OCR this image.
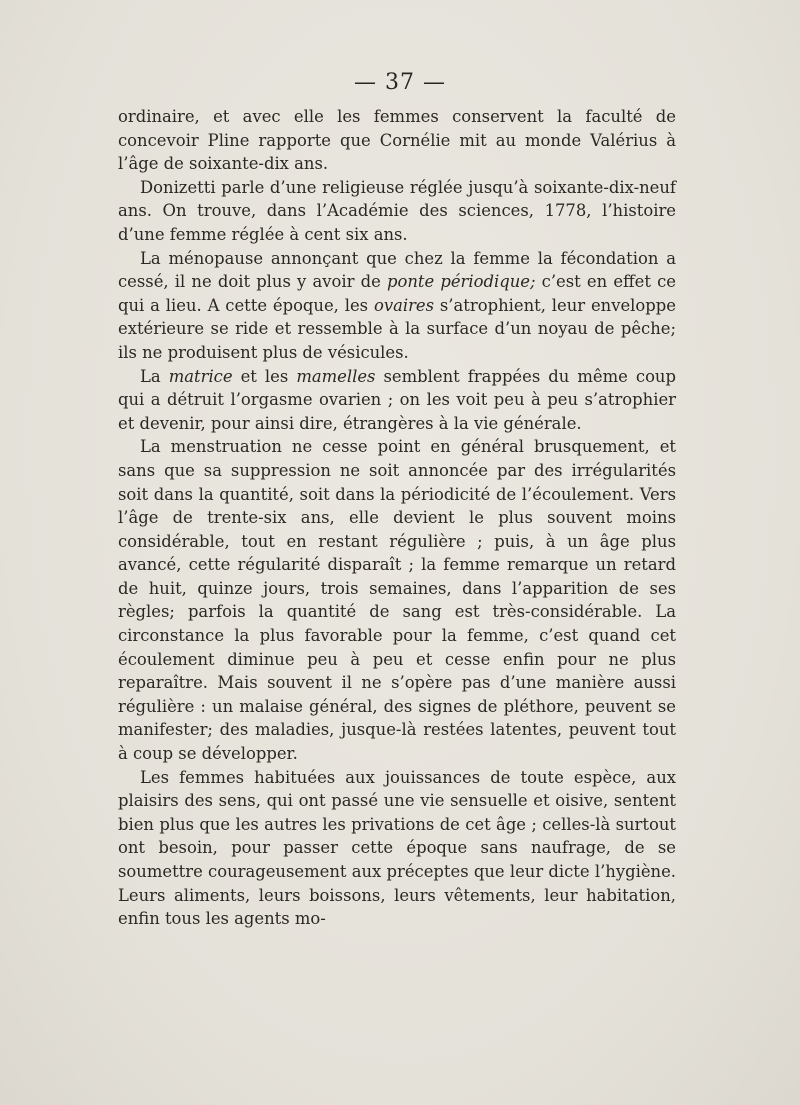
— 37 —

ordinaire, et avec elle les femmes conservent la faculté de concevoir Pline rapporte que Cornélie mit au monde Valérius à l’âge de soixante-dix ans.

Donizetti parle d’une religieuse réglée jusqu’à soixante-dix-neuf ans. On trouve, dans l’Académie des sciences, 1778, l’histoire d’une femme réglée à cent six ans.

La ménopause annonçant que chez la femme la fécondation a cessé, il ne doit plus y avoir de ponte périodique; c’est en effet ce qui a lieu. A cette époque, les ovaires s’atrophient, leur enveloppe extérieure se ride et ressemble à la surface d’un noyau de pêche; ils ne produisent plus de vésicules.

La matrice et les mamelles semblent frappées du même coup qui a détruit l’orgasme ovarien ; on les voit peu à peu s’atrophier et devenir, pour ainsi dire, étrangères à la vie générale.

La menstruation ne cesse point en général brusquement, et sans que sa suppression ne soit annoncée par des irrégularités soit dans la quantité, soit dans la périodicité de l’écoulement. Vers l’âge de trente-six ans, elle devient le plus souvent moins considérable, tout en restant régulière ; puis, à un âge plus avancé, cette régularité disparaît ; la femme remarque un retard de huit, quinze jours, trois semaines, dans l’apparition de ses règles; parfois la quantité de sang est très-considérable. La circonstance la plus favorable pour la femme, c’est quand cet écoulement diminue peu à peu et cesse enfin pour ne plus reparaître. Mais souvent il ne s’opère pas d’une manière aussi régulière : un malaise général, des signes de pléthore, peuvent se manifester; des maladies, jusque-là restées latentes, peuvent tout à coup se développer.

Les femmes habituées aux jouissances de toute espèce, aux plaisirs des sens, qui ont passé une vie sensuelle et oisive, sentent bien plus que les autres les privations de cet âge ; celles-là surtout ont besoin, pour passer cette époque sans naufrage, de se soumettre courageusement aux préceptes que leur dicte l’hygiène. Leurs aliments, leurs boissons, leurs vêtements, leur habitation, enfin tous les agents mo-
